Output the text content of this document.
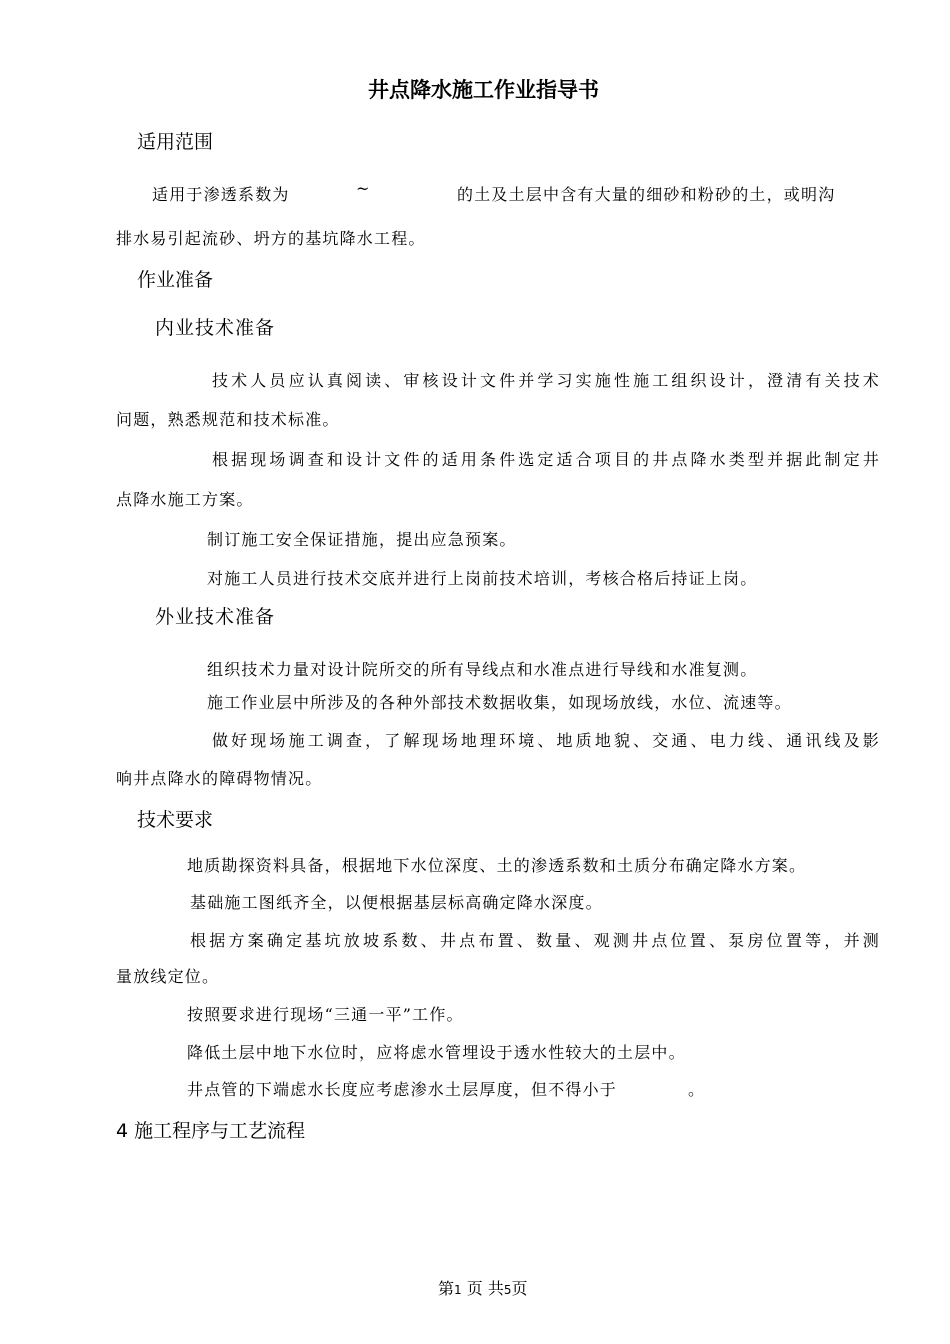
井点降水施工作业指导书
适用范围
适用于渗透系数为	~	的土及土层中含有大量的细砂和粉砂的土，或明沟
排水易引起流砂、坍方的基坑降水工程。
作业准备
内业技术准备
技术人员应认真阅读、审核设计文件并学习实施性施工组织设计，澄清有关技术
问题，熟悉规范和技术标准。
根据现场调查和设计文件的适用条件选定适合项目的井点降水类型并据此制定井
点降水施工方案。
制订施工安全保证措施，提出应急预案。
对施工人员进行技术交底并进行上岗前技术培训，考核合格后持证上岗。
外业技术准备
组织技术力量对设计院所交的所有导线点和水准点进行导线和水准复测。
施工作业层中所涉及的各种外部技术数据收集，如现场放线，水位、流速等。
做好现场施工调查，了解现场地理环境、地质地貌、交通、电力线、通讯线及影
响井点降水的障碍物情况。
技术要求
地质勘探资料具备，根据地下水位深度、土的渗透系数和土质分布确定降水方案。
基础施工图纸齐全，以便根据基层标高确定降水深度。
根据方案确定基坑放坡系数、井点布置、数量、观测井点位置、泵房位置等，并测
量放线定位。
按照要求进行现场“三通一平”工作。
降低土层中地下水位时，应将虑水管埋设于透水性较大的土层中。
井点管的下端虑水长度应考虑渗水土层厚度，但不得小于	。
4 施工程序与工艺流程
第1 页 共5页
